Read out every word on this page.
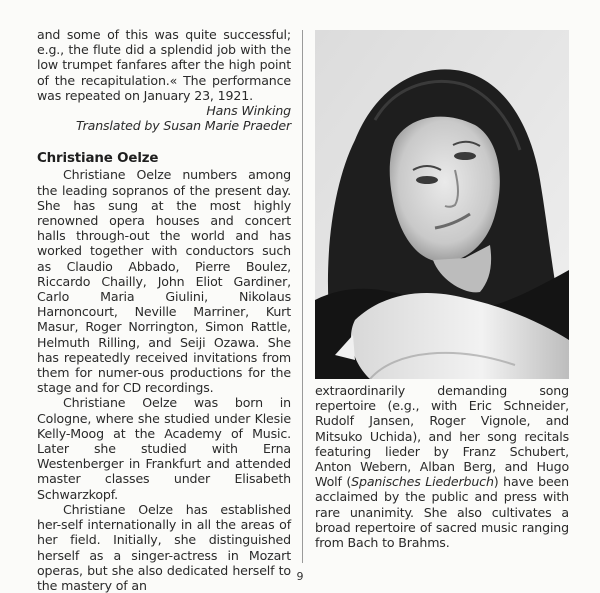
and some of this was quite successful; e.g., the flute did a splendid job with the low trumpet fanfares after the high point of the recapitulation.« The performance was repeated on January 23, 1921.

Hans Winking

Translated by Susan Marie Praeder

Christiane Oelze

Christiane Oelze numbers among the leading sopranos of the present day. She has sung at the most highly renowned opera houses and concert halls through-out the world and has worked together with conductors such as Claudio Abbado, Pierre Boulez, Riccardo Chailly, John Eliot Gardiner, Carlo Maria Giulini, Nikolaus Harnoncourt, Neville Marriner, Kurt Masur, Roger Norrington, Simon Rattle, Helmuth Rilling, and Seiji Ozawa. She has repeatedly received invitations from them for numer-ous productions for the stage and for CD recordings.

Christiane Oelze was born in Cologne, where she studied under Klesie Kelly-Moog at the Academy of Music. Later she studied with Erna Westenberger in Frankfurt and attended master classes under Elisabeth Schwarzkopf.

Christiane Oelze has established her-self internationally in all the areas of her field. Initially, she distinguished herself as a singer-actress in Mozart operas, but she also dedicated herself to the mastery of an

extraordinarily demanding song repertoire (e.g., with Eric Schneider, Rudolf Jansen, Roger Vignole, and Mitsuko Uchida), and her song recitals featuring lieder by Franz Schubert, Anton Webern, Alban Berg, and Hugo Wolf (Spanisches Liederbuch) have been acclaimed by the public and press with rare unanimity. She also cultivates a broad repertoire of sacred music ranging from Bach to Brahms.

9
